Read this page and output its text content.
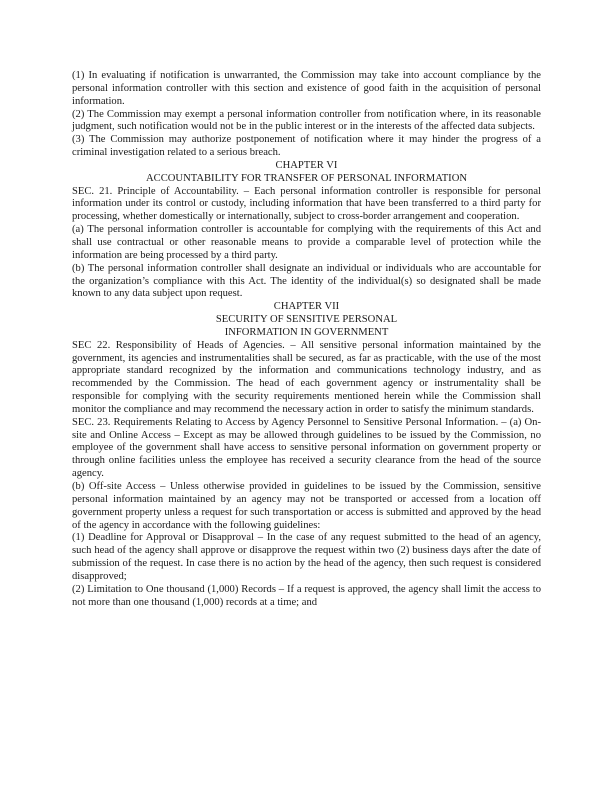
(1) In evaluating if notification is unwarranted, the Commission may take into account compliance by the personal information controller with this section and existence of good faith in the acquisition of personal information.

(2) The Commission may exempt a personal information controller from notification where, in its reasonable judgment, such notification would not be in the public interest or in the interests of the affected data subjects.

(3) The Commission may authorize postponement of notification where it may hinder the progress of a criminal investigation related to a serious breach.

CHAPTER VI
ACCOUNTABILITY FOR TRANSFER OF PERSONAL INFORMATION

SEC. 21. Principle of Accountability. – Each personal information controller is responsible for personal information under its control or custody, including information that have been transferred to a third party for processing, whether domestically or internationally, subject to cross-border arrangement and cooperation.

(a) The personal information controller is accountable for complying with the requirements of this Act and shall use contractual or other reasonable means to provide a comparable level of protection while the information are being processed by a third party.

(b) The personal information controller shall designate an individual or individuals who are accountable for the organization’s compliance with this Act. The identity of the individual(s) so designated shall be made known to any data subject upon request.

CHAPTER VII
SECURITY OF SENSITIVE PERSONAL
INFORMATION IN GOVERNMENT

SEC 22. Responsibility of Heads of Agencies. – All sensitive personal information maintained by the government, its agencies and instrumentalities shall be secured, as far as practicable, with the use of the most appropriate standard recognized by the information and communications technology industry, and as recommended by the Commission. The head of each government agency or instrumentality shall be responsible for complying with the security requirements mentioned herein while the Commission shall monitor the compliance and may recommend the necessary action in order to satisfy the minimum standards.

SEC. 23. Requirements Relating to Access by Agency Personnel to Sensitive Personal Information. – (a) On-site and Online Access – Except as may be allowed through guidelines to be issued by the Commission, no employee of the government shall have access to sensitive personal information on government property or through online facilities unless the employee has received a security clearance from the head of the source agency.

(b) Off-site Access – Unless otherwise provided in guidelines to be issued by the Commission, sensitive personal information maintained by an agency may not be transported or accessed from a location off government property unless a request for such transportation or access is submitted and approved by the head of the agency in accordance with the following guidelines:

(1) Deadline for Approval or Disapproval – In the case of any request submitted to the head of an agency, such head of the agency shall approve or disapprove the request within two (2) business days after the date of submission of the request. In case there is no action by the head of the agency, then such request is considered disapproved;

(2) Limitation to One thousand (1,000) Records – If a request is approved, the agency shall limit the access to not more than one thousand (1,000) records at a time; and
